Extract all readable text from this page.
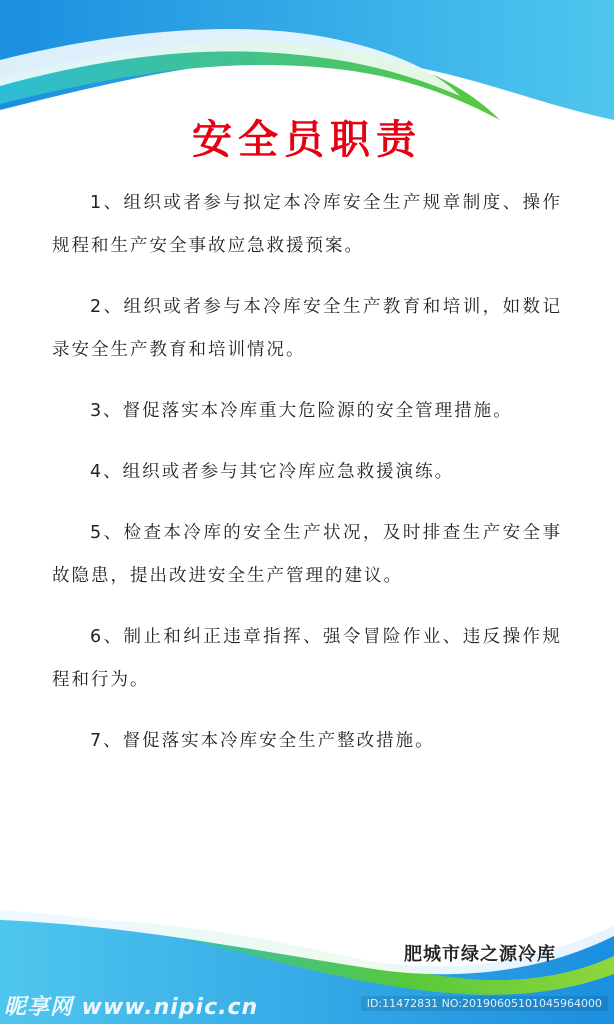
安全员职责

1、组织或者参与拟定本冷库安全生产规章制度、操作规程和生产安全事故应急救援预案。

2、组织或者参与本冷库安全生产教育和培训，如数记录安全生产教育和培训情况。

3、督促落实本冷库重大危险源的安全管理措施。

4、组织或者参与其它冷库应急救援演练。

5、检查本冷库的安全生产状况，及时排查生产安全事故隐患，提出改进安全生产管理的建议。

6、制止和纠正违章指挥、强令冒险作业、违反操作规程和行为。

7、督促落实本冷库安全生产整改措施。

肥城市绿之源冷库
昵享网 www.nipic.cn	ID:11472831 NO:20190605101045964000
